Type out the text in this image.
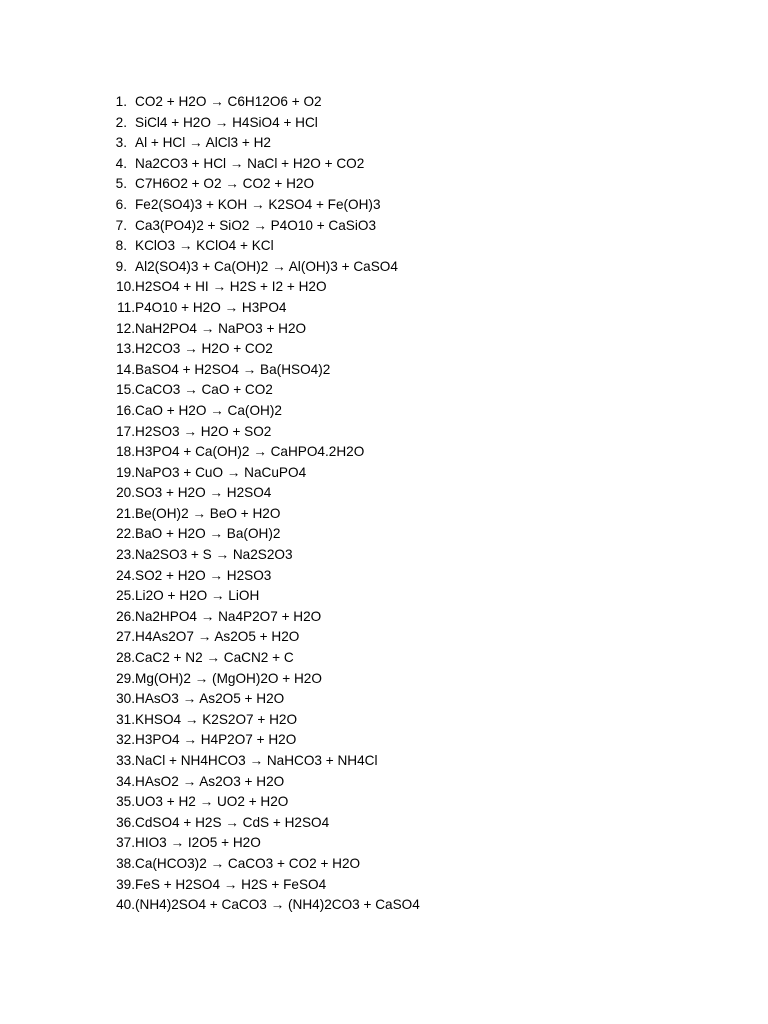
1. CO2 + H2O → C6H12O6 + O2
2. SiCl4 + H2O → H4SiO4 + HCl
3. Al + HCl → AlCl3 + H2
4. Na2CO3 + HCl → NaCl + H2O + CO2
5. C7H6O2 + O2 → CO2 + H2O
6. Fe2(SO4)3 + KOH → K2SO4 + Fe(OH)3
7. Ca3(PO4)2 + SiO2 → P4O10 + CaSiO3
8. KClO3 → KClO4 + KCl
9. Al2(SO4)3 + Ca(OH)2 → Al(OH)3 + CaSO4
10. H2SO4 + HI → H2S + I2 + H2O
11. P4O10 + H2O → H3PO4
12. NaH2PO4 → NaPO3 + H2O
13. H2CO3 → H2O + CO2
14. BaSO4 + H2SO4 → Ba(HSO4)2
15. CaCO3 → CaO + CO2
16. CaO + H2O → Ca(OH)2
17. H2SO3 → H2O + SO2
18. H3PO4 + Ca(OH)2 → CaHPO4.2H2O
19. NaPO3 + CuO → NaCuPO4
20. SO3 + H2O → H2SO4
21. Be(OH)2 → BeO + H2O
22. BaO + H2O → Ba(OH)2
23. Na2SO3 + S → Na2S2O3
24. SO2 + H2O → H2SO3
25. Li2O + H2O → LiOH
26. Na2HPO4 → Na4P2O7 + H2O
27. H4As2O7 → As2O5 + H2O
28. CaC2 + N2 → CaCN2 + C
29. Mg(OH)2 → (MgOH)2O + H2O
30. HAsO3 → As2O5 + H2O
31. KHSO4 → K2S2O7 + H2O
32. H3PO4 → H4P2O7 + H2O
33. NaCl + NH4HCO3 → NaHCO3 + NH4Cl
34. HAsO2 → As2O3 + H2O
35. UO3 + H2 → UO2 + H2O
36. CdSO4 + H2S → CdS + H2SO4
37. HIO3 → I2O5 + H2O
38. Ca(HCO3)2 → CaCO3 + CO2 + H2O
39. FeS + H2SO4 → H2S + FeSO4
40. (NH4)2SO4 + CaCO3 → (NH4)2CO3 + CaSO4
